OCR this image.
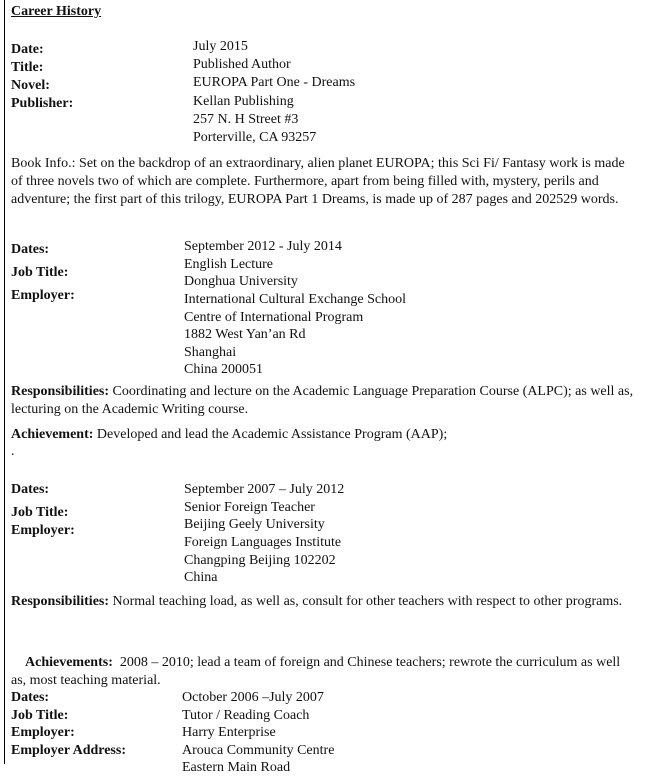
Career History
Date:
Title:
Novel:
Publisher:
July 2015
Published Author
EUROPA Part One - Dreams
Kellan Publishing
257 N. H Street #3
Porterville, CA 93257
Book Info.: Set on the backdrop of an extraordinary, alien planet EUROPA; this Sci Fi/ Fantasy work is made of three novels two of which are complete. Furthermore, apart from being filled with, mystery, perils and adventure; the first part of this trilogy, EUROPA Part 1 Dreams, is made up of 287 pages and 202529 words.
Dates:
Job Title:
Employer:
September 2012 - July 2014
English Lecture
Donghua University
International Cultural Exchange School
Centre of International Program
1882 West Yan’an Rd
Shanghai
China 200051
Responsibilities: Coordinating and lecture on the Academic Language Preparation Course (ALPC); as well as, lecturing on the Academic Writing course.
Achievement: Developed and lead the Academic Assistance Program (AAP);
.
Dates:
Job Title:
Employer:
September 2007 – July 2012
Senior Foreign Teacher
Beijing Geely University
Foreign Languages Institute
Changping Beijing 102202
China
Responsibilities: Normal teaching load, as well as, consult for other teachers with respect to other programs.

Achievements:  2008 – 2010; lead a team of foreign and Chinese teachers; rewrote the curriculum as well as, most teaching material.

Dates:
Job Title:
Employer:
Employer Address:
October 2006 –July 2007
Tutor / Reading Coach
Harry Enterprise
Arouca Community Centre
Eastern Main Road
